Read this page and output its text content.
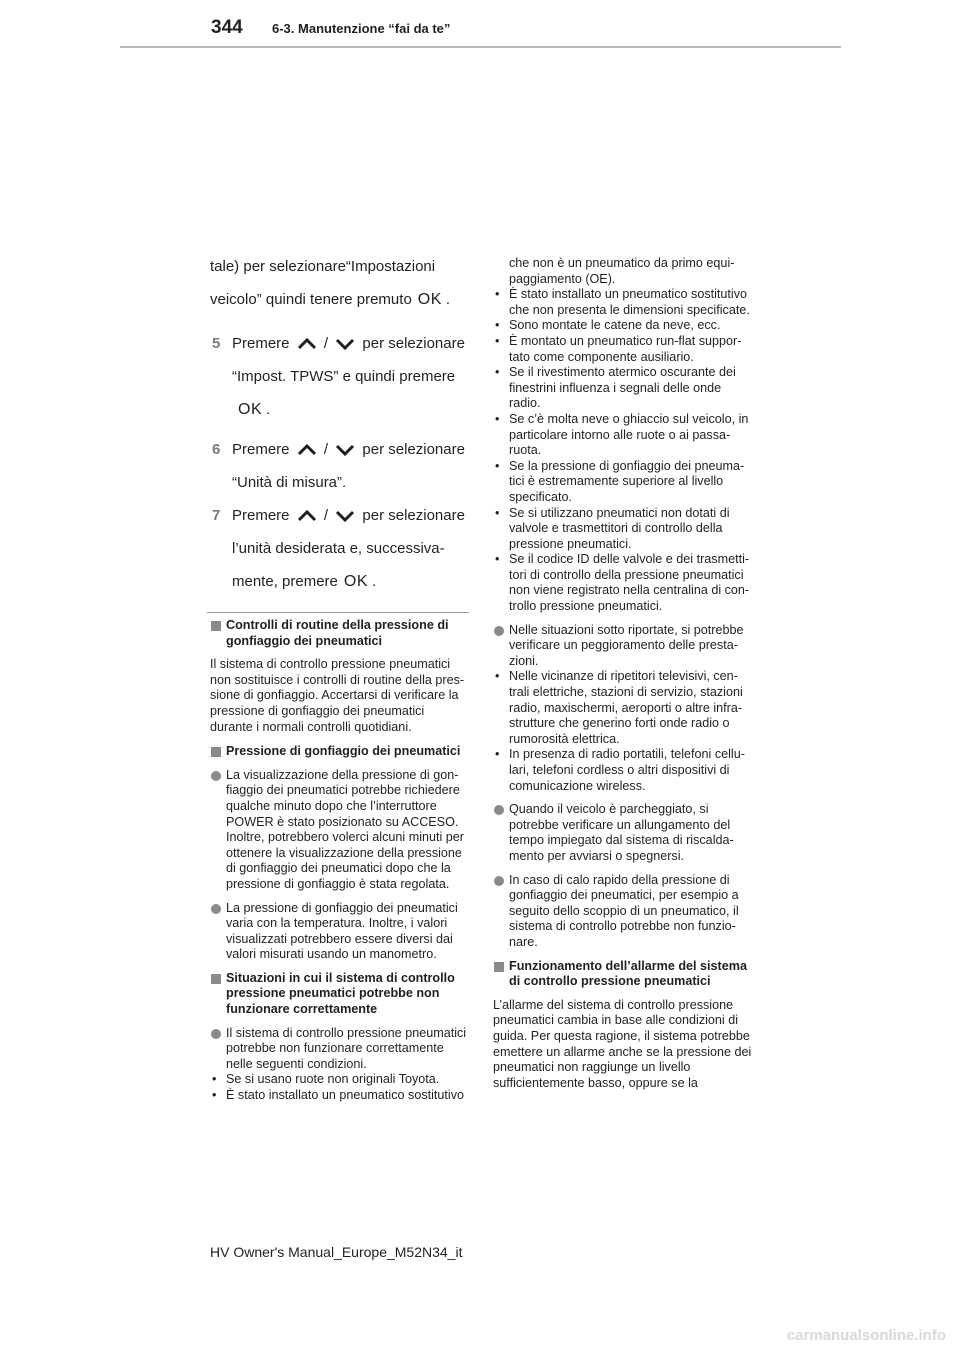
344 6-3. Manutenzione “fai da te”
tale) per selezionare“Impostazioni
veicolo” quindi tenere premuto OK .
5 Premere / per selezionare
“Impost. TPWS” e quindi premere
OK .
6 Premere / per selezionare
“Unità di misura”.
7 Premere / per selezionare
l’unità desiderata e, successiva-
mente, premere OK .
Controlli di routine della pressione di gonfiaggio dei pneumatici
Il sistema di controllo pressione pneumatici non sostituisce i controlli di routine della pres- sione di gonfiaggio. Accertarsi di verificare la pressione di gonfiaggio dei pneumatici durante i normali controlli quotidiani.
Pressione di gonfiaggio dei pneumatici
La visualizzazione della pressione di gon- fiaggio dei pneumatici potrebbe richiedere qualche minuto dopo che l’interruttore POWER è stato posizionato su ACCESO. Inoltre, potrebbero volerci alcuni minuti per ottenere la visualizzazione della pressione di gonfiaggio dei pneumatici dopo che la pressione di gonfiaggio è stata regolata.
La pressione di gonfiaggio dei pneumatici varia con la temperatura. Inoltre, i valori visualizzati potrebbero essere diversi dai valori misurati usando un manometro.
Situazioni in cui il sistema di controllo pressione pneumatici potrebbe non funzionare correttamente
Il sistema di controllo pressione pneumatici potrebbe non funzionare correttamente nelle seguenti condizioni.
• Se si usano ruote non originali Toyota.
• È stato installato un pneumatico sostitutivo
che non è un pneumatico da primo equi- paggiamento (OE).
• È stato installato un pneumatico sostitutivo che non presenta le dimensioni specificate.
• Sono montate le catene da neve, ecc.
• È montato un pneumatico run-flat suppor- tato come componente ausiliario.
• Se il rivestimento atermico oscurante dei finestrini influenza i segnali delle onde radio.
• Se c’è molta neve o ghiaccio sul veicolo, in particolare intorno alle ruote o ai passa- ruota.
• Se la pressione di gonfiaggio dei pneuma- tici è estremamente superiore al livello specificato.
• Se si utilizzano pneumatici non dotati di valvole e trasmettitori di controllo della pressione pneumatici.
• Se il codice ID delle valvole e dei trasmetti- tori di controllo della pressione pneumatici non viene registrato nella centralina di con- trollo pressione pneumatici.
Nelle situazioni sotto riportate, si potrebbe verificare un peggioramento delle presta- zioni.
• Nelle vicinanze di ripetitori televisivi, cen- trali elettriche, stazioni di servizio, stazioni radio, maxischermi, aeroporti o altre infra- strutture che generino forti onde radio o rumorosità elettrica.
• In presenza di radio portatili, telefoni cellu- lari, telefoni cordless o altri dispositivi di comunicazione wireless.
Quando il veicolo è parcheggiato, si potrebbe verificare un allungamento del tempo impiegato dal sistema di riscalda- mento per avviarsi o spegnersi.
In caso di calo rapido della pressione di gonfiaggio dei pneumatici, per esempio a seguito dello scoppio di un pneumatico, il sistema di controllo potrebbe non funzio- nare.
Funzionamento dell’allarme del sistema di controllo pressione pneumatici
L’allarme del sistema di controllo pressione pneumatici cambia in base alle condizioni di guida. Per questa ragione, il sistema potrebbe emettere un allarme anche se la pressione dei pneumatici non raggiunge un livello sufficientemente basso, oppure se la
HV Owner's Manual_Europe_M52N34_it
carmanualsonline.info
